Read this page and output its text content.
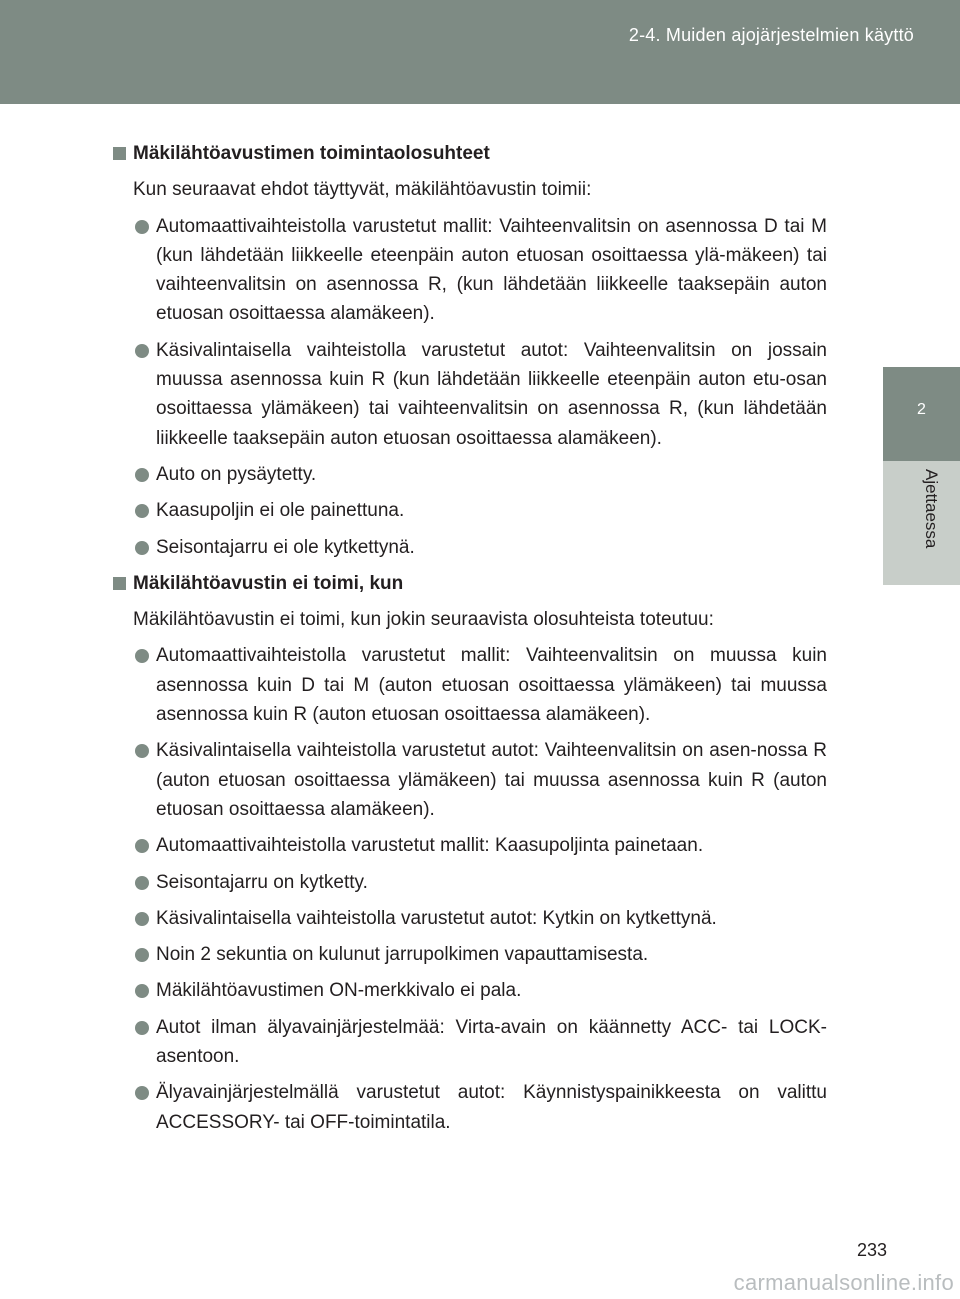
2-4. Muiden ajojärjestelmien käyttö
2
Ajettaessa
Mäkilähtöavustimen toimintaolosuhteet

Kun seuraavat ehdot täyttyvät, mäkilähtöavustin toimii:

Automaattivaihteistolla varustetut mallit: Vaihteenvalitsin on asennossa D tai M (kun lähdetään liikkeelle eteenpäin auton etuosan osoittaessa ylä-mäkeen) tai vaihteenvalitsin on asennossa R, (kun lähdetään liikkeelle taaksepäin auton etuosan osoittaessa alamäkeen).
Käsivalintaisella vaihteistolla varustetut autot: Vaihteenvalitsin on jossain muussa asennossa kuin R (kun lähdetään liikkeelle eteenpäin auton etu-osan osoittaessa ylämäkeen) tai vaihteenvalitsin on asennossa R, (kun lähdetään liikkeelle taaksepäin auton etuosan osoittaessa alamäkeen).
Auto on pysäytetty.
Kaasupoljin ei ole painettuna.
Seisontajarru ei ole kytkettynä.
Mäkilähtöavustin ei toimi, kun

Mäkilähtöavustin ei toimi, kun jokin seuraavista olosuhteista toteutuu:

Automaattivaihteistolla varustetut mallit: Vaihteenvalitsin on muussa kuin asennossa kuin D tai M (auton etuosan osoittaessa ylämäkeen) tai muussa asennossa kuin R (auton etuosan osoittaessa alamäkeen).
Käsivalintaisella vaihteistolla varustetut autot: Vaihteenvalitsin on asen-nossa R (auton etuosan osoittaessa ylämäkeen) tai muussa asennossa kuin R (auton etuosan osoittaessa alamäkeen).
Automaattivaihteistolla varustetut mallit: Kaasupoljinta painetaan.
Seisontajarru on kytketty.
Käsivalintaisella vaihteistolla varustetut autot: Kytkin on kytkettynä.
Noin 2 sekuntia on kulunut jarrupolkimen vapauttamisesta.
Mäkilähtöavustimen ON-merkkivalo ei pala.
Autot ilman älyavainjärjestelmää: Virta-avain on käännetty ACC- tai LOCK-asentoon.
Älyavainjärjestelmällä varustetut autot: Käynnistyspainikkeesta on valittu ACCESSORY- tai OFF-toimintatila.
233
carmanualsonline.info
